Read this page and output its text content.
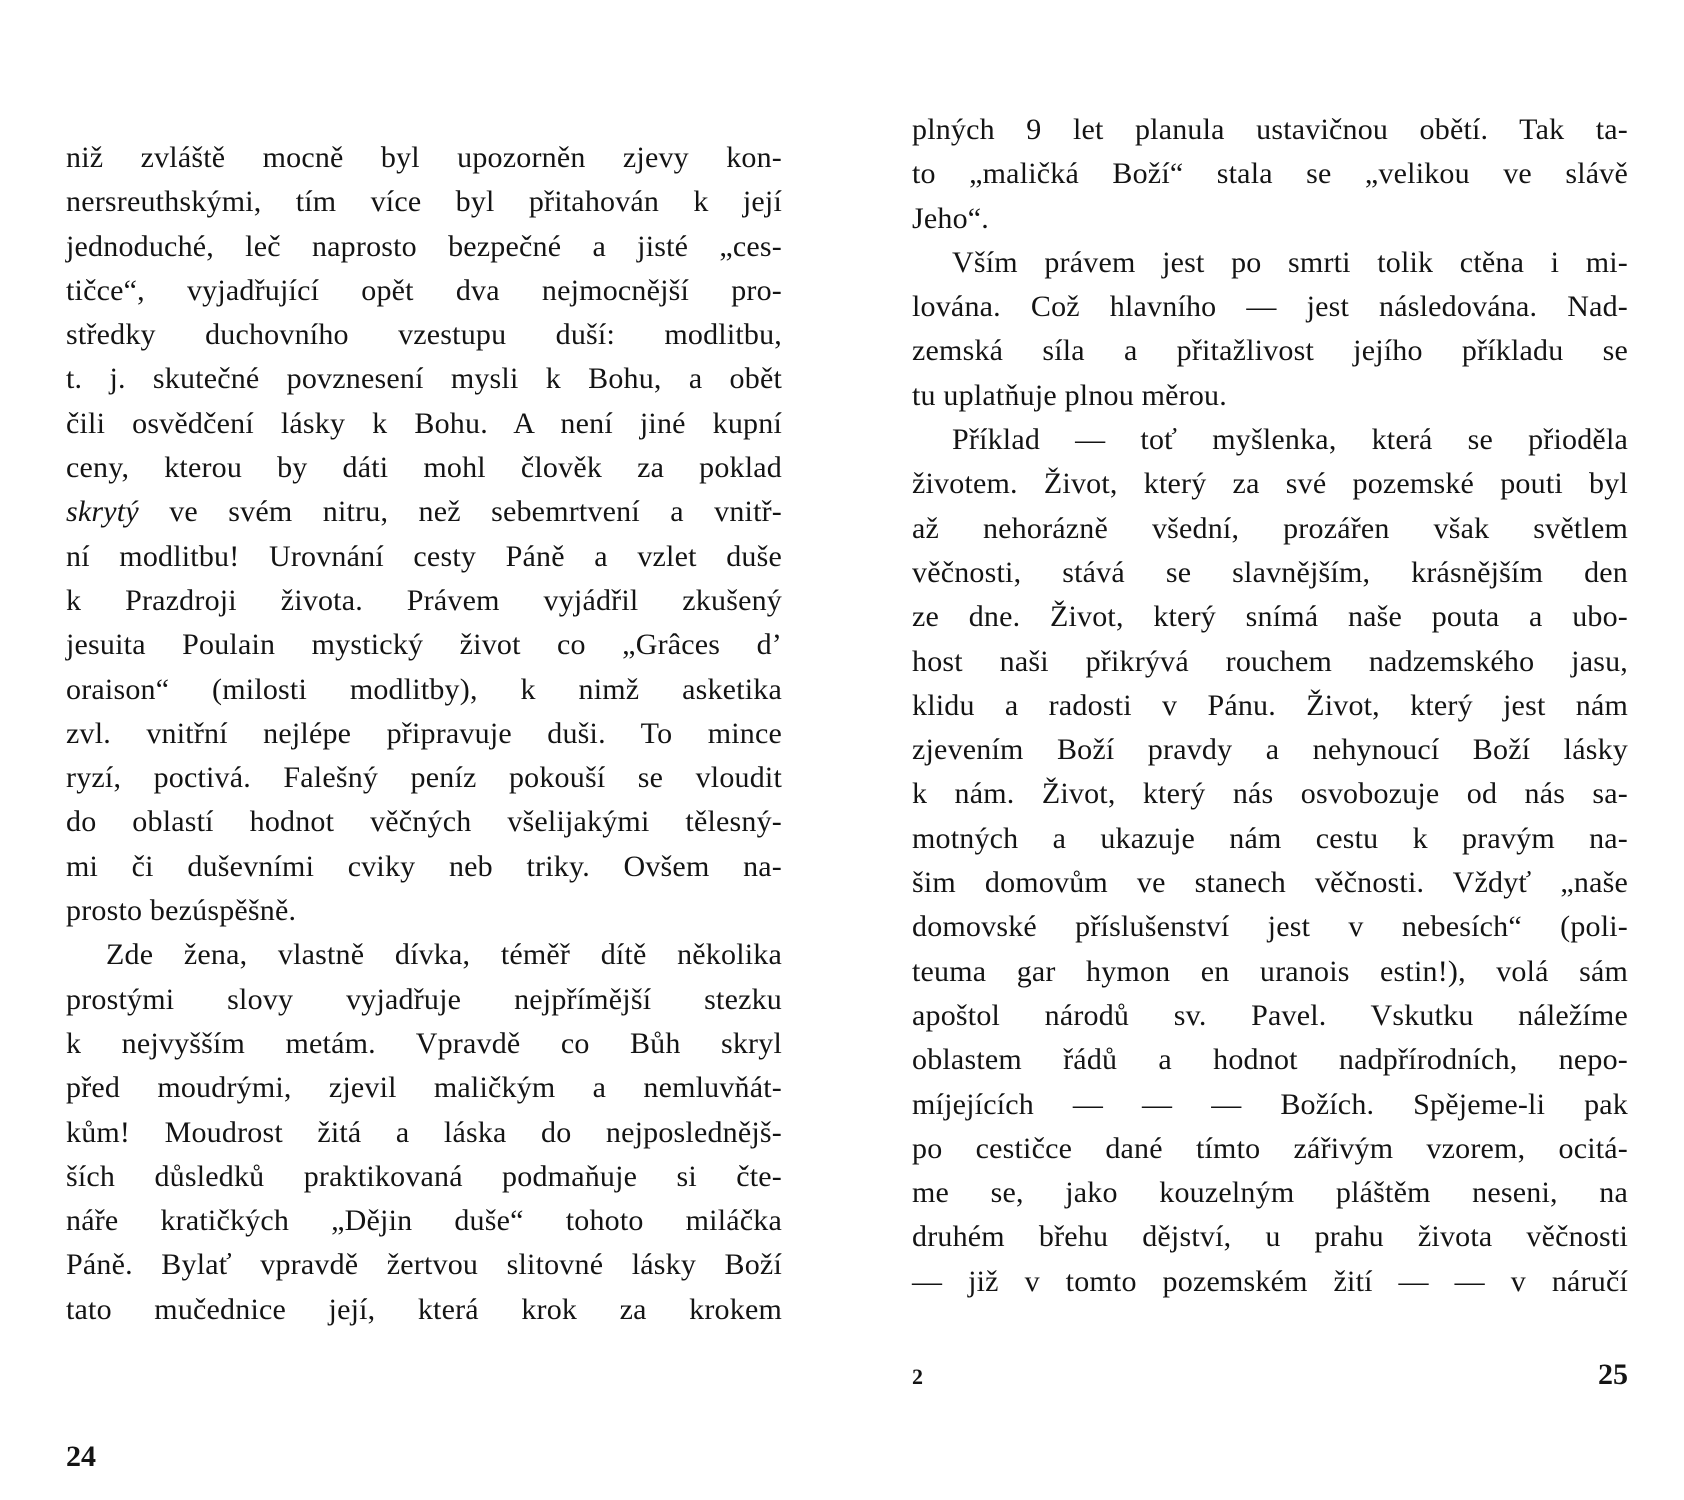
niž zvláště mocně byl upozorněn zjevy kon-
nersreuthskými, tím více byl přitahován k její
jednoduché, leč naprosto bezpečné a jisté „ces-
tičce“, vyjadřující opět dva nejmocnější pro-
středky duchovního vzestupu duší: modlitbu,
t. j. skutečné povznesení mysli k Bohu, a obět
čili osvědčení lásky k Bohu. A není jiné kupní
ceny, kterou by dáti mohl člověk za poklad
skrytý ve svém nitru, než sebemrtvení a vnitř-
ní modlitbu! Urovnání cesty Páně a vzlet duše
k Prazdroji života. Právem vyjádřil zkušený
jesuita Poulain mystický život co „Grâces d’
oraison“ (milosti modlitby), k nimž asketika
zvl. vnitřní nejlépe připravuje duši. To mince
ryzí, poctivá. Falešný peníz pokouší se vloudit
do oblastí hodnot věčných všelijakými tělesný-
mi či duševními cviky neb triky. Ovšem na-
prosto bezúspěšně.
Zde žena, vlastně dívka, téměř dítě několika
prostými slovy vyjadřuje nejpřímější stezku
k nejvyšším metám. Vpravdě co Bůh skryl
před moudrými, zjevil maličkým a nemluvňát-
kům! Moudrost žitá a láska do nejposlednějš-
ších důsledků praktikovaná podmaňuje si čte-
náře kratičkých „Dějin duše“ tohoto miláčka
Páně. Bylať vpravdě žertvou slitovné lásky Boží
tato mučednice její, která krok za krokem
24
plných 9 let planula ustavičnou obětí. Tak ta-
to „maličká Boží“ stala se „velikou ve slávě
Jeho“.
Vším právem jest po smrti tolik ctěna i mi-
lována. Což hlavního — jest následována. Nad-
zemská síla a přitažlivost jejího příkladu se
tu uplatňuje plnou měrou.
Příklad — toť myšlenka, která se přioděla
životem. Život, který za své pozemské pouti byl
až nehorázně všední, prozářen však světlem
věčnosti, stává se slavnějším, krásnějším den
ze dne. Život, který snímá naše pouta a ubo-
host naši přikrývá rouchem nadzemského jasu,
klidu a radosti v Pánu. Život, který jest nám
zjevením Boží pravdy a nehynoucí Boží lásky
k nám. Život, který nás osvobozuje od nás sa-
motných a ukazuje nám cestu k pravým na-
šim domovům ve stanech věčnosti. Vždyť „naše
domovské příslušenství jest v nebesích“ (poli-
teuma gar hymon en uranois estin!), volá sám
apoštol národů sv. Pavel. Vskutku náležíme
oblastem řádů a hodnot nadpřírodních, nepo-
míjejících — — — Božích. Spějeme-li pak
po cestičce dané tímto zářivým vzorem, ocitá-
me se, jako kouzelným pláštěm neseni, na
druhém břehu dějství, u prahu života věčnosti
— již v tomto pozemském žití — — v náručí
2	25
